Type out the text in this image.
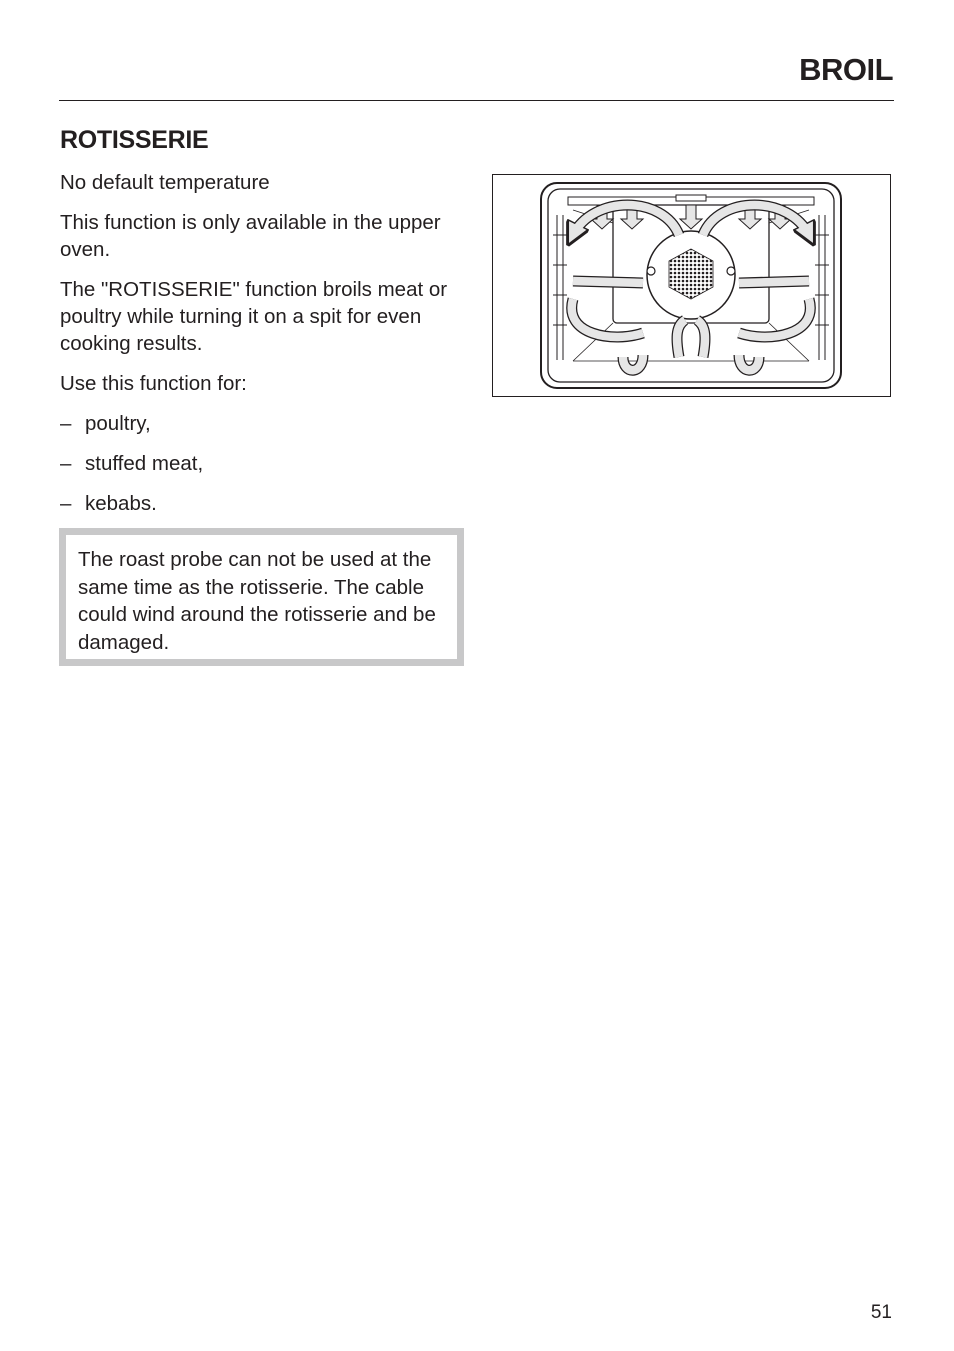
BROIL
ROTISSERIE

No default temperature

This function is only available in the upper oven.

The "ROTISSERIE" function broils meat or poultry while turning it on a spit for even cooking results.

Use this function for:

– poultry,
– stuffed meat,
– kebabs.
The roast probe can not be used at the same time as the rotisserie. The cable could wind around the rotisserie and be damaged.
51
